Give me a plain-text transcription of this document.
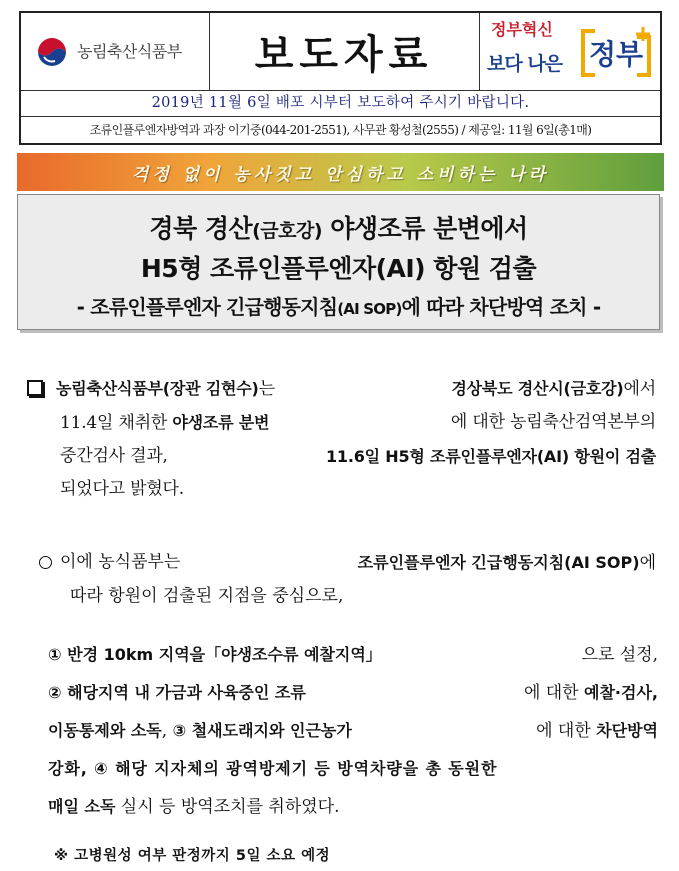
농림축산식품부 보도자료
정부혁신
보다 나은 정부
2019년 11월 6일 배포 시부터 보도하여 주시기 바랍니다.
조류인플루엔자방역과 과장 이기중(044-201-2551), 사무관 황성철(2555) / 제공일: 11월 6일(총1매)
걱정 없이 농사짓고 안심하고 소비하는 나라
경북 경산(금호강) 야생조류 분변에서
H5형 조류인플루엔자(AI) 항원 검출
- 조류인플루엔자 긴급행동지침(AI SOP)에 따라 차단방역 조치 -
농림축산식품부(장관 김현수)는	경상북도 경산시(금호강)에서
11.4일 채취한 야생조류 분변	에 대한 농림축산검역본부의
중간검사 결과,	11.6일 H5형 조류인플루엔자(AI) 항원이 검출
되었다고 밝혔다.
이에 농식품부는	조류인플루엔자 긴급행동지침(AI SOP)에
따라 항원이 검출된 지점을 중심으로,
① 반경 10km 지역을「야생조수류 예찰지역」	으로 설정,
② 해당지역 내 가금과 사육중인 조류	에 대한 예찰·검사,
이동통제와 소독, ③ 철새도래지와 인근농가	에 대한 차단방역
강화, ④ 해당 지자체의 광역방제기 등 방역차량을 총 동원한
매일 소독 실시 등 방역조치를 취하였다.
※ 고병원성 여부 판정까지 5일 소요 예정
